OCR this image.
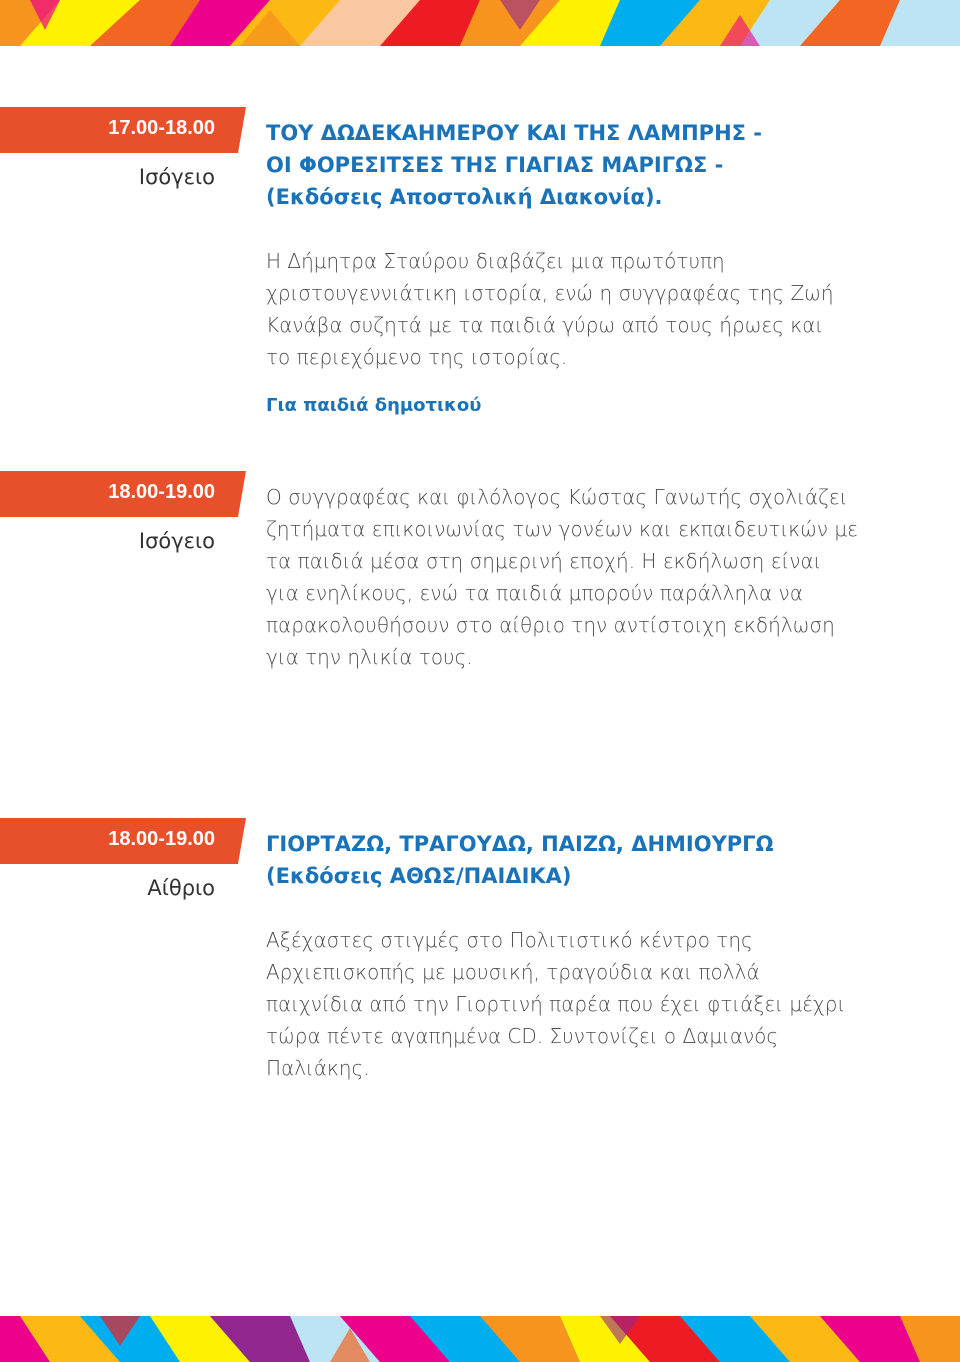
17.00-18.00
Ισόγειο

ΤΟΥ ΔΩΔΕΚΑΗΜΕΡΟΥ ΚΑΙ ΤΗΣ ΛΑΜΠΡΗΣ -

ΟΙ ΦΟΡΕΣΙΤΣΕΣ ΤΗΣ ΓΙΑΓΙΑΣ ΜΑΡΙΓΩΣ -

(Εκδόσεις Αποστολική Διακονία).

Η Δήμητρα Σταύρου διαβάζει μια πρωτότυπη

χριστουγεννιάτικη ιστορία, ενώ η συγγραφέας της Ζωή

Κανάβα συζητά με τα παιδιά γύρω από τους ήρωες και

το περιεχόμενο της ιστορίας.

Για παιδιά δημοτικού

18.00-19.00
Ισόγειο

Ο συγγραφέας και φιλόλογος Κώστας Γανωτής σχολιάζει

ζητήματα επικοινωνίας των γονέων και εκπαιδευτικών με

τα παιδιά μέσα στη σημερινή εποχή. Η εκδήλωση είναι

για ενηλίκους, ενώ τα παιδιά μπορούν παράλληλα να

παρακολουθήσουν στο αίθριο την αντίστοιχη εκδήλωση

για την ηλικία τους.

18.00-19.00
Αίθριο

ΓΙΟΡΤΑΖΩ, ΤΡΑΓΟΥΔΩ, ΠΑΙΖΩ, ΔΗΜΙΟΥΡΓΩ

(Εκδόσεις ΑΘΩΣ/ΠΑΙΔΙΚΑ)

Αξέχαστες στιγμές στο Πολιτιστικό κέντρο της

Αρχιεπισκοπής με μουσική, τραγούδια και πολλά

παιχνίδια από την Γιορτινή παρέα που έχει φτιάξει μέχρι

τώρα πέντε αγαπημένα CD. Συντονίζει ο Δαμιανός

Παλιάκης.
